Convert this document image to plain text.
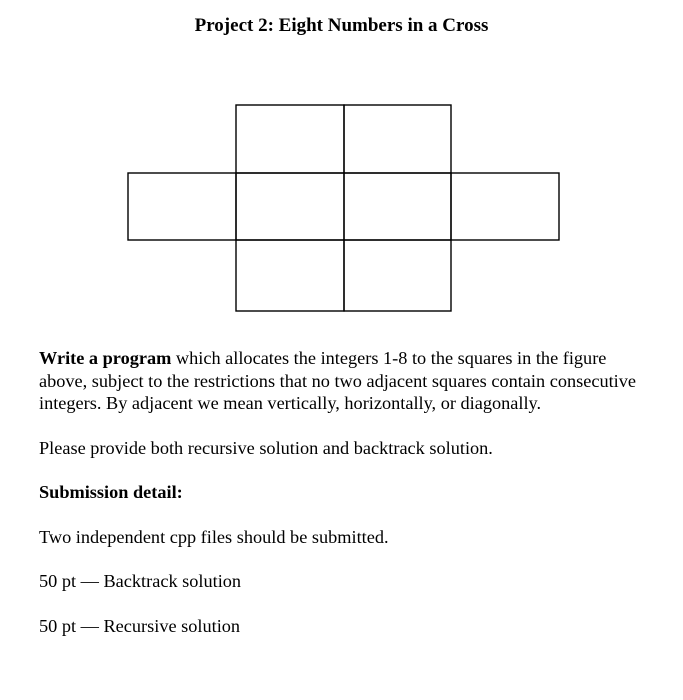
Project 2: Eight Numbers in a Cross

Write a program which allocates the integers 1-8 to the squares in the figure above, subject to the restrictions that no two adjacent squares contain consecutive integers. By adjacent we mean vertically, horizontally, or diagonally.

Please provide both recursive solution and backtrack solution.

Submission detail:

Two independent cpp files should be submitted.

50 pt — Backtrack solution

50 pt — Recursive solution
